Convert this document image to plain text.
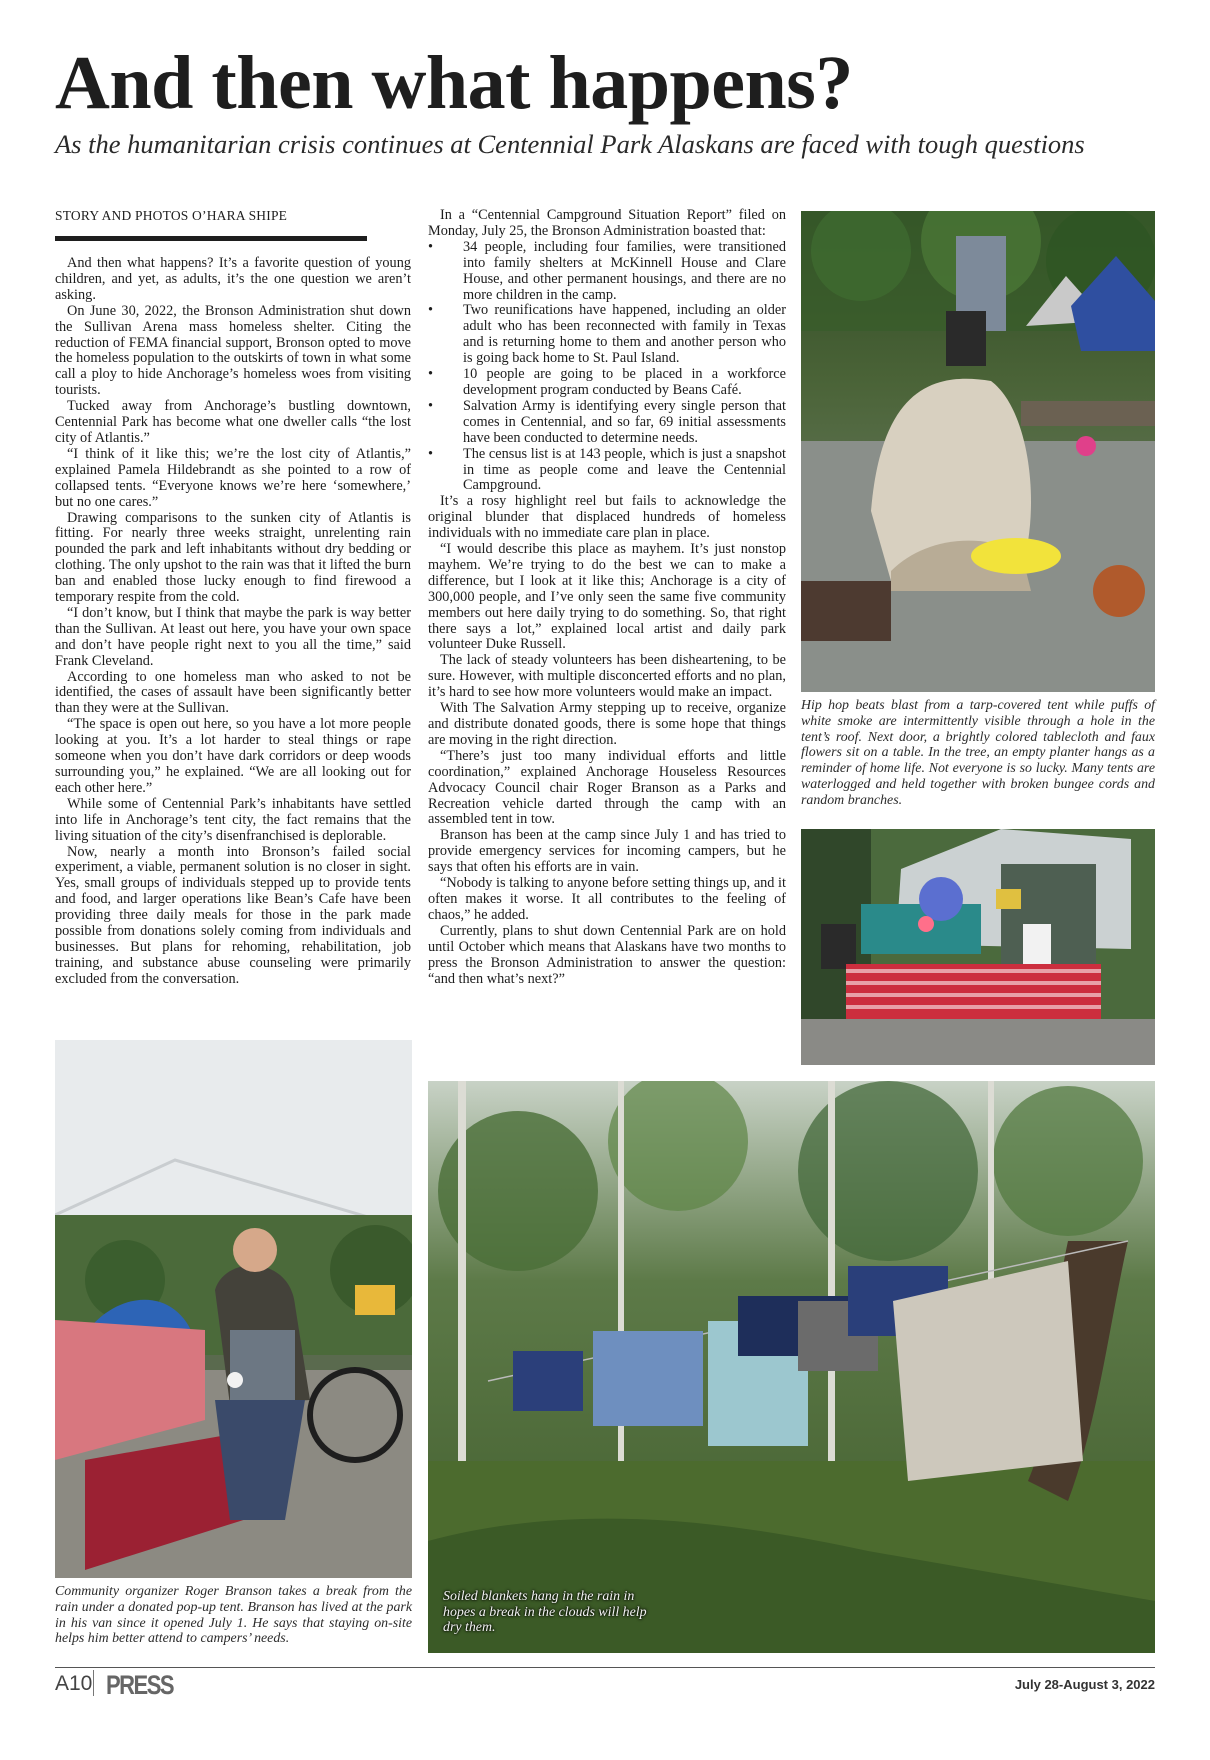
And then what happens?
As the humanitarian crisis continues at Centennial Park Alaskans are faced with tough questions
STORY AND PHOTOS O’HARA SHIPE

And then what happens? It’s a favorite question of young children, and yet, as adults, it’s the one question we aren’t asking.

On June 30, 2022, the Bronson Administration shut down the Sullivan Arena mass homeless shelter. Citing the reduction of FEMA financial support, Bronson opted to move the homeless population to the outskirts of town in what some call a ploy to hide Anchorage’s homeless woes from visiting tourists.

Tucked away from Anchorage’s bustling downtown, Centennial Park has become what one dweller calls “the lost city of Atlantis.”

“I think of it like this; we’re the lost city of Atlantis,” explained Pamela Hildebrandt as she pointed to a row of collapsed tents. “Everyone knows we’re here ‘somewhere,’ but no one cares.”

Drawing comparisons to the sunken city of Atlantis is fitting. For nearly three weeks straight, unrelenting rain pounded the park and left inhabitants without dry bedding or clothing. The only upshot to the rain was that it lifted the burn ban and enabled those lucky enough to find firewood a temporary respite from the cold.

“I don’t know, but I think that maybe the park is way better than the Sullivan. At least out here, you have your own space and don’t have people right next to you all the time,” said Frank Cleveland.

According to one homeless man who asked to not be identified, the cases of assault have been significantly better than they were at the Sullivan.

“The space is open out here, so you have a lot more people looking at you. It’s a lot harder to steal things or rape someone when you don’t have dark corridors or deep woods surrounding you,” he explained. “We are all looking out for each other here.”

While some of Centennial Park’s inhabitants have settled into life in Anchorage’s tent city, the fact remains that the living situation of the city’s disenfranchised is deplorable.

Now, nearly a month into Bronson’s failed social experiment, a viable, permanent solution is no closer in sight. Yes, small groups of individuals stepped up to provide tents and food, and larger operations like Bean’s Cafe have been providing three daily meals for those in the park made possible from donations solely coming from individuals and businesses. But plans for rehoming, rehabilitation, job training, and substance abuse counseling were primarily excluded from the conversation.

In a “Centennial Campground Situation Report” filed on Monday, July 25, the Bronson Administration boasted that:

• 34 people, including four families, were transitioned into family shelters at McKinnell House and Clare House, and other permanent housings, and there are no more children in the camp.
• Two reunifications have happened, including an older adult who has been reconnected with family in Texas and is returning home to them and another person who is going back home to St. Paul Island.
• 10 people are going to be placed in a workforce development program conducted by Beans Café.
• Salvation Army is identifying every single person that comes in Centennial, and so far, 69 initial assessments have been conducted to determine needs.
• The census list is at 143 people, which is just a snapshot in time as people come and leave the Centennial Campground.

It’s a rosy highlight reel but fails to acknowledge the original blunder that displaced hundreds of homeless individuals with no immediate care plan in place.

“I would describe this place as mayhem. It’s just nonstop mayhem. We’re trying to do the best we can to make a difference, but I look at it like this; Anchorage is a city of 300,000 people, and I’ve only seen the same five community members out here daily trying to do something. So, that right there says a lot,” explained local artist and daily park volunteer Duke Russell.

The lack of steady volunteers has been disheartening, to be sure. However, with multiple disconcerted efforts and no plan, it’s hard to see how more volunteers would make an impact.

With The Salvation Army stepping up to receive, organize and distribute donated goods, there is some hope that things are moving in the right direction.

“There’s just too many individual efforts and little coordination,” explained Anchorage Houseless Resources Advocacy Council chair Roger Branson as a Parks and Recreation vehicle darted through the camp with an assembled tent in tow.

Branson has been at the camp since July 1 and has tried to provide emergency services for incoming campers, but he says that often his efforts are in vain.

“Nobody is talking to anyone before setting things up, and it often makes it worse. It all contributes to the feeling of chaos,” he added.

Currently, plans to shut down Centennial Park are on hold until October which means that Alaskans have two months to press the Bronson Administration to answer the question: “and then what’s next?”

Hip hop beats blast from a tarp-covered tent while puffs of white smoke are intermittently visible through a hole in the tent’s roof. Next door, a brightly colored tablecloth and faux flowers sit on a table. In the tree, an empty planter hangs as a reminder of home life. Not everyone is so lucky. Many tents are waterlogged and held together with broken bungee cords and random branches.
Community organizer Roger Branson takes a break from the rain under a donated pop-up tent. Branson has lived at the park in his van since it opened July 1. He says that staying on-site helps him better attend to campers’ needs.
Soiled blankets hang in the rain in hopes a break in the clouds will help dry them.
A10 PRESS	July 28-August 3, 2022
